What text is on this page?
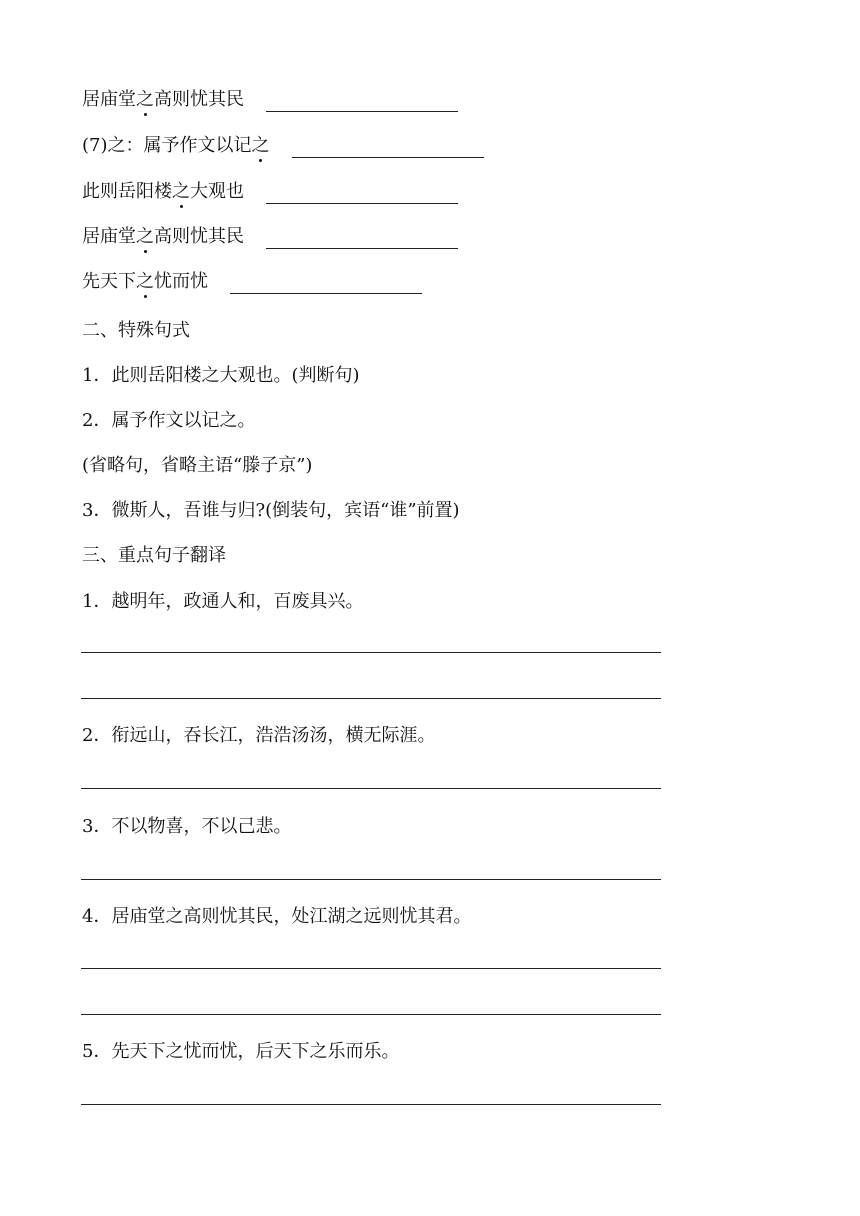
居庙堂之高则忧其民
(7)之：属予作文以记之
此则岳阳楼之大观也
居庙堂之高则忧其民
先天下之忧而忧
二、特殊句式
1．此则岳阳楼之大观也。(判断句)
2．属予作文以记之。
(省略句，省略主语“滕子京”)
3．微斯人，吾谁与归?(倒装句，宾语“谁”前置)
三、重点句子翻译
1．越明年，政通人和，百废具兴。
2．衔远山，吞长江，浩浩汤汤，横无际涯。
3．不以物喜，不以己悲。
4．居庙堂之高则忧其民，处江湖之远则忧其君。
5．先天下之忧而忧，后天下之乐而乐。
